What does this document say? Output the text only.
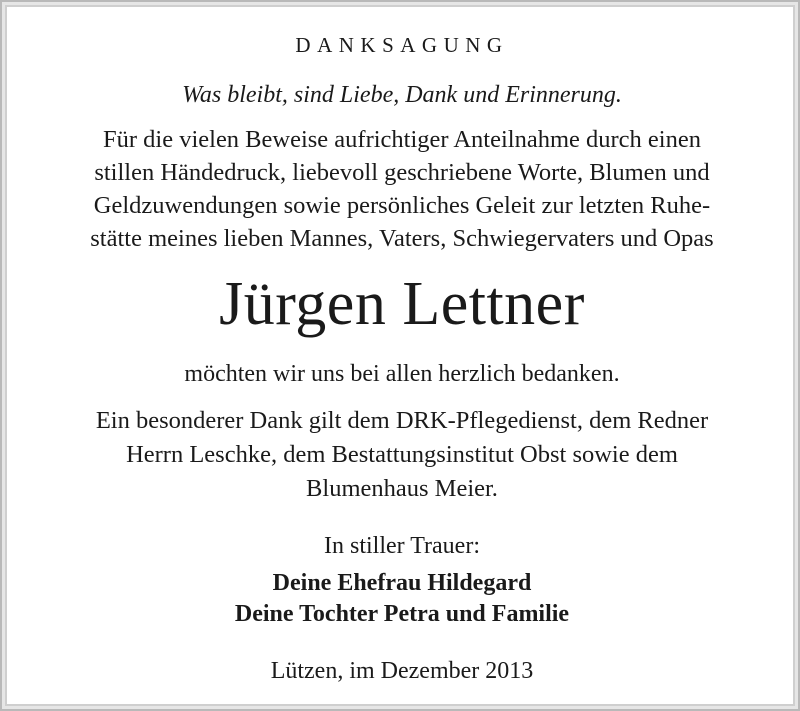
DANKSAGUNG
Was bleibt, sind Liebe, Dank und Erinnerung.
Für die vielen Beweise aufrichtiger Anteilnahme durch einen
stillen Händedruck, liebevoll geschriebene Worte, Blumen und
Geldzuwendungen sowie persönliches Geleit zur letzten Ruhe-
stätte meines lieben Mannes, Vaters, Schwiegervaters und Opas
Jürgen Lettner
möchten wir uns bei allen herzlich bedanken.
Ein besonderer Dank gilt dem DRK-Pflegedienst, dem Redner
Herrn Leschke, dem Bestattungsinstitut Obst sowie dem
Blumenhaus Meier.
In stiller Trauer:
Deine Ehefrau Hildegard
Deine Tochter Petra und Familie
Lützen, im Dezember 2013
